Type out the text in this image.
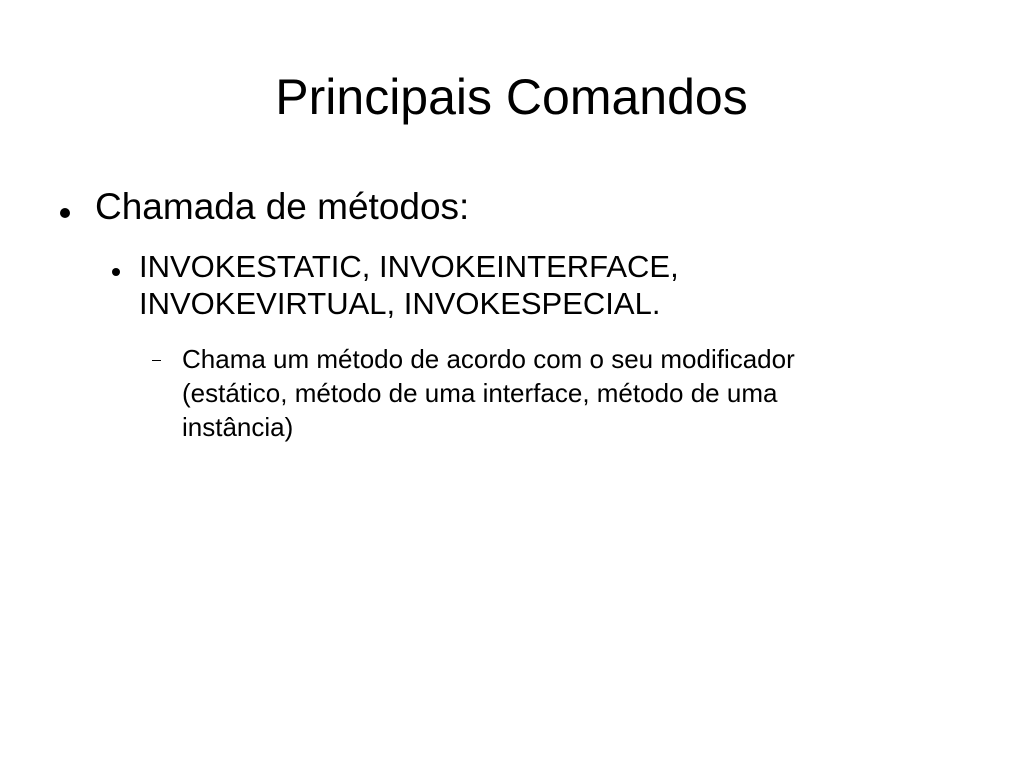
Principais Comandos
Chamada de métodos:
INVOKESTATIC, INVOKEINTERFACE,
INVOKEVIRTUAL, INVOKESPECIAL.
Chama um método de acordo com o seu modificador
(estático, método de uma interface, método de uma
instância)
